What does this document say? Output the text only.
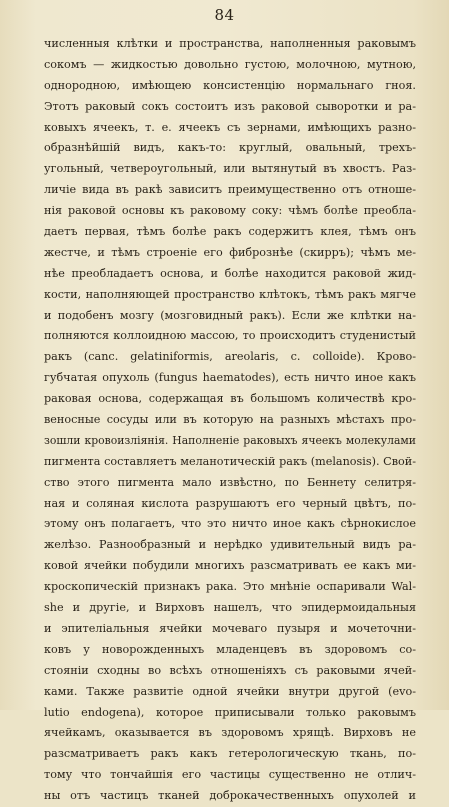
84
численныя клѣтки и пространства, наполненныя раковымъ
сокомъ — жидкостью довольно густою, молочною, мутною,
однородною, имѣющею консистенцію нормальнаго гноя.
Этотъ раковый сокъ состоитъ изъ раковой сыворотки и ра-
ковыхъ ячеекъ, т. е. ячеекъ съ зернами, имѣющихъ разно-
образнѣйшій видъ, какъ-то: круглый, овальный, трехъ-
угольный, четвероугольный, или вытянутый въ хвостъ. Раз-
личіе вида въ ракѣ зависитъ преимущественно отъ отноше-
нія раковой основы къ раковому соку: чѣмъ болѣе преобла-
даетъ первая, тѣмъ болѣе ракъ содержитъ клея, тѣмъ онъ
жестче, и тѣмъ строеніе его фибрознѣе (скирръ); чѣмъ ме-
нѣе преобладаетъ основа, и болѣе находится раковой жид-
кости, наполняющей пространство клѣтокъ, тѣмъ ракъ мягче
и подобенъ мозгу (мозговидный ракъ). Если же клѣтки на-
полняются коллоидною массою, то происходитъ студенистый
ракъ (canc. gelatiniformis, areolaris, с. colloide). Крово-
губчатая опухоль (fungus haematodes), есть ничто иное какъ
раковая основа, содержащая въ большомъ количествѣ кро-
веносные сосуды или въ которую на разныхъ мѣстахъ про-
зошли кровоизліянія. Наполненіе раковыхъ ячеекъ молекулами
пигмента составляетъ меланотическій ракъ (melanosis). Свой-
ство этого пигмента мало извѣстно, по Беннету селитря-
ная и соляная кислота разрушаютъ его черный цвѣтъ, по-
этому онъ полагаетъ, что это ничто иное какъ сѣрнокислое
желѣзо. Разнообразный и нерѣдко удивительный видъ ра-
ковой ячейки побудили многихъ разсматривать ее какъ ми-
кроскопическій признакъ рака. Это мнѣніе оспаривали Wal-
she и другіе, и Вирховъ нашелъ, что эпидермоидальныя
и эпителіальныя ячейки мочеваго пузыря и мочеточни-
ковъ у новорожденныхъ младенцевъ въ здоровомъ со-
стояніи сходны во всѣхъ отношеніяхъ съ раковыми ячей-
ками. Также развитіе одной ячейки внутри другой (evo-
lutio endogena), которое приписывали только раковымъ
ячейкамъ, оказывается въ здоровомъ хрящѣ. Вирховъ не
разсматриваетъ ракъ какъ гетерологическую ткань, по-
тому что тончайшія его частицы существенно не отлич-
ны отъ частицъ тканей доброкачественныхъ опухолей и
